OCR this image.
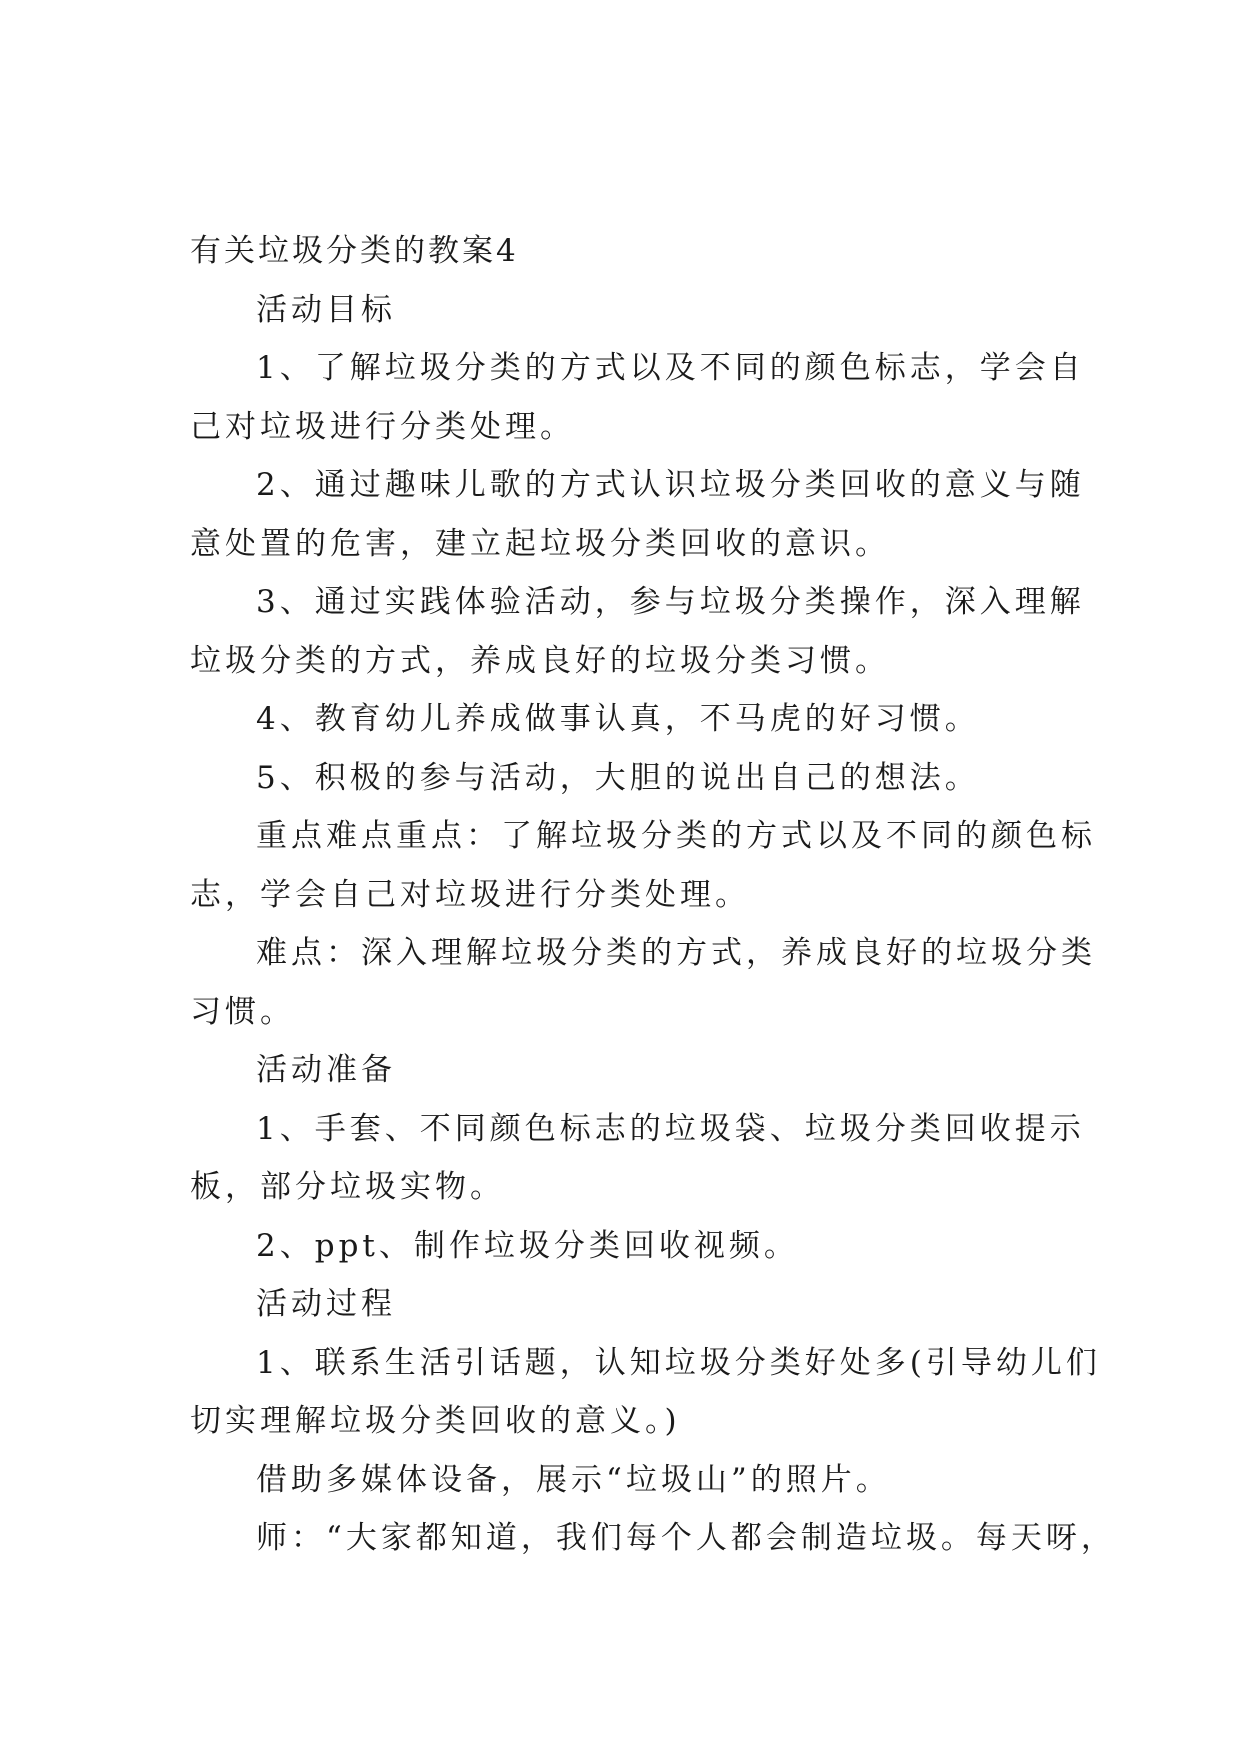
有关垃圾分类的教案4

活动目标

1、了解垃圾分类的方式以及不同的颜色标志，学会自

己对垃圾进行分类处理。

2、通过趣味儿歌的方式认识垃圾分类回收的意义与随

意处置的危害，建立起垃圾分类回收的意识。

3、通过实践体验活动，参与垃圾分类操作，深入理解

垃圾分类的方式，养成良好的垃圾分类习惯。

4、教育幼儿养成做事认真，不马虎的好习惯。

5、积极的参与活动，大胆的说出自己的想法。

重点难点重点：了解垃圾分类的方式以及不同的颜色标

志，学会自己对垃圾进行分类处理。

难点：深入理解垃圾分类的方式，养成良好的垃圾分类

习惯。

活动准备

1、手套、不同颜色标志的垃圾袋、垃圾分类回收提示

板，部分垃圾实物。

2、ppt、制作垃圾分类回收视频。

活动过程

1、联系生活引话题，认知垃圾分类好处多(引导幼儿们

切实理解垃圾分类回收的意义。)

借助多媒体设备，展示“垃圾山”的照片。

师：“大家都知道，我们每个人都会制造垃圾。每天呀，
